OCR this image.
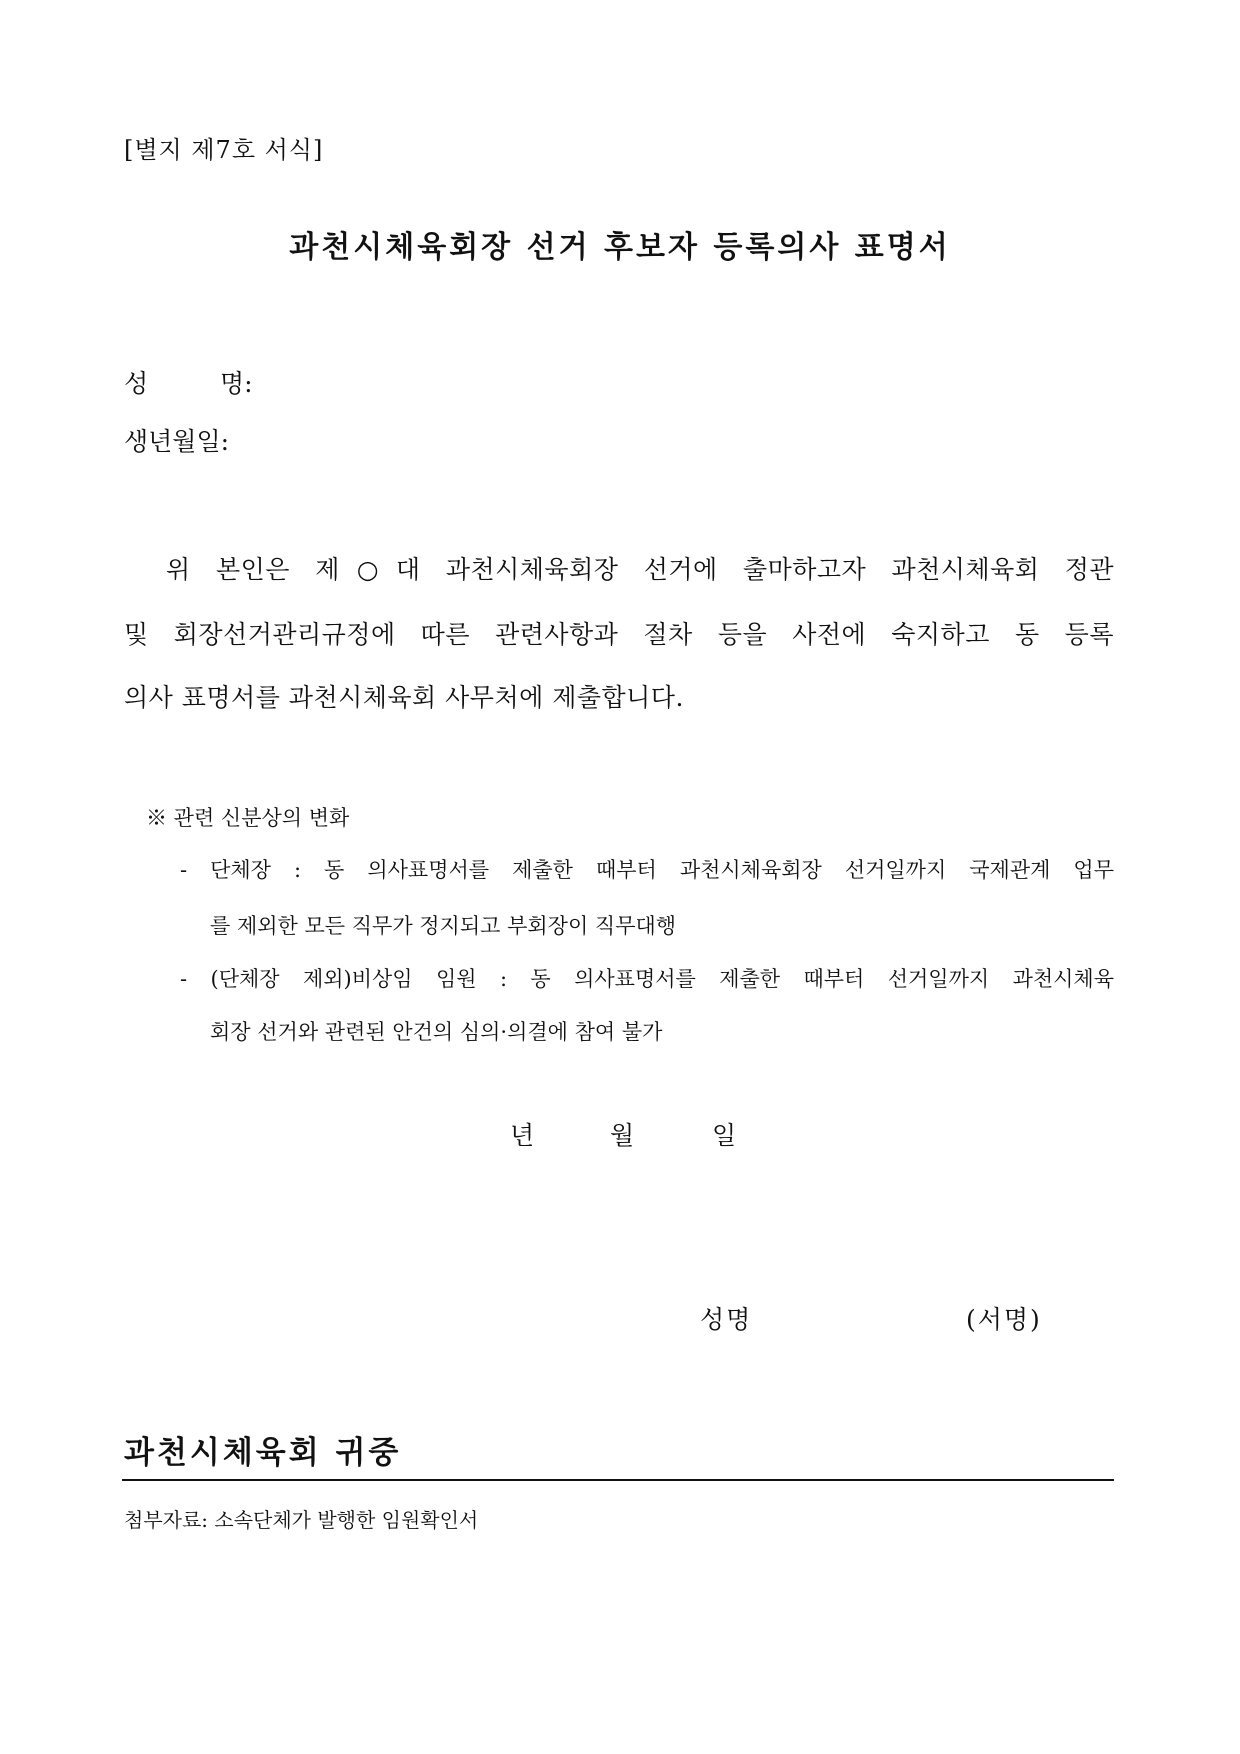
[별지 제7호 서식]
과천시체육회장 선거 후보자 등록의사 표명서
성	명:
생년월일:
위 본인은 제○대 과천시체육회장 선거에 출마하고자 과천시체육회 정관
및 회장선거관리규정에 따른 관련사항과 절차 등을 사전에 숙지하고 동 등록
의사 표명서를 과천시체육회 사무처에 제출합니다.
※ 관련 신분상의 변화
- 단체장 : 동 의사표명서를 제출한 때부터 과천시체육회장 선거일까지 국제관계 업무
를 제외한 모든 직무가 정지되고 부회장이 직무대행
- (단체장 제외)비상임 임원 : 동 의사표명서를 제출한 때부터 선거일까지 과천시체육
회장 선거와 관련된 안건의 심의·의결에 참여 불가
년	월	일
성명	(서명)
과천시체육회 귀중
첨부자료: 소속단체가 발행한 임원확인서
